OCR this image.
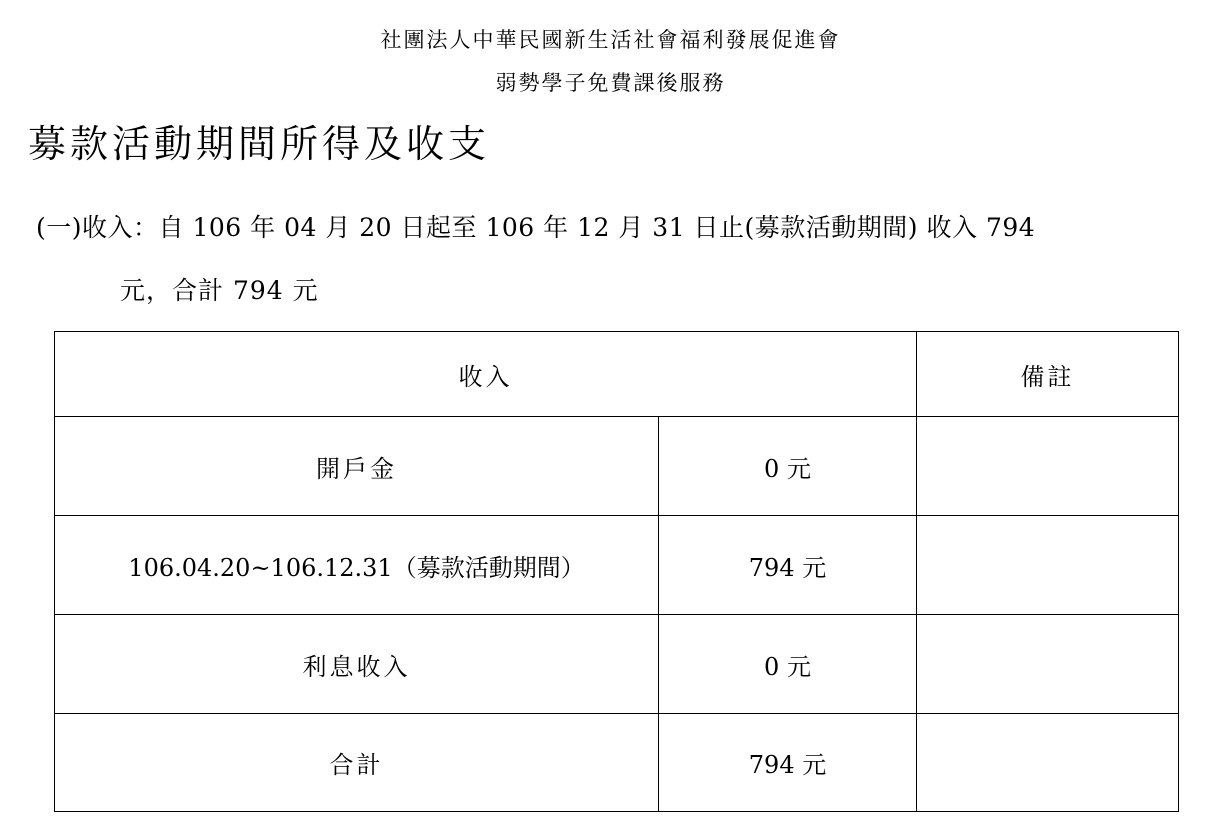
社團法人中華民國新生活社會福利發展促進會
弱勢學子免費課後服務
募款活動期間所得及收支
(一)收入：自 106 年 04 月 20 日起至 106 年 12 月 31 日止(募款活動期間) 收入 794
元，合計 794 元
收入		備註
開戶金	0 元	
106.04.20~106.12.31（募款活動期間）	794 元	
利息收入	0 元	
合計	794 元	
